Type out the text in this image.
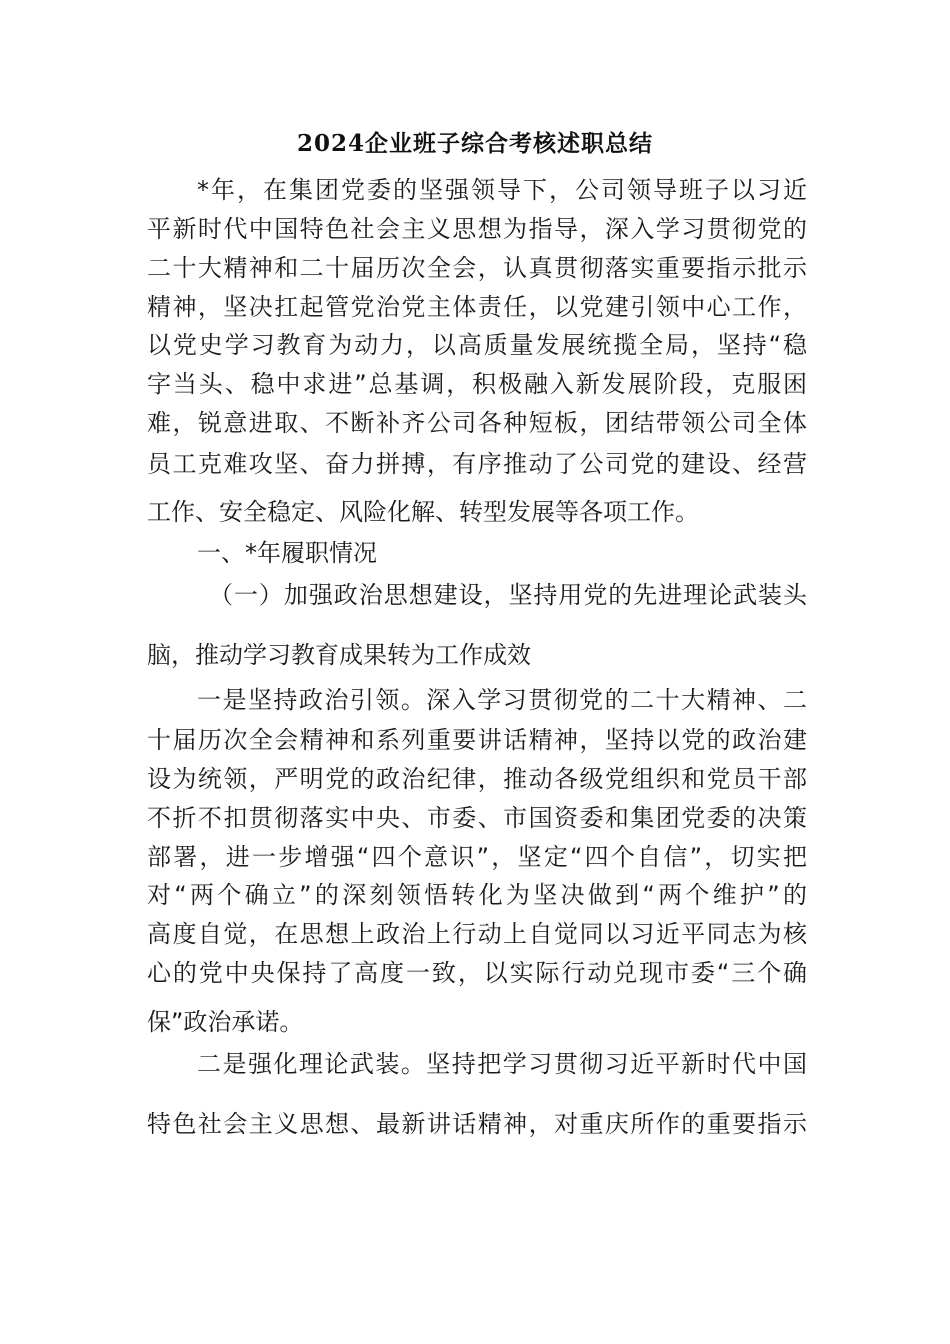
2024企业班子综合考核述职总结
*年，在集团党委的坚强领导下，公司领导班子以习近
平新时代中国特色社会主义思想为指导，深入学习贯彻党的
二十大精神和二十届历次全会，认真贯彻落实重要指示批示
精神，坚决扛起管党治党主体责任，以党建引领中心工作，
以党史学习教育为动力，以高质量发展统揽全局，坚持“稳
字当头、稳中求进”总基调，积极融入新发展阶段，克服困
难，锐意进取、不断补齐公司各种短板，团结带领公司全体
员工克难攻坚、奋力拼搏，有序推动了公司党的建设、经营
工作、安全稳定、风险化解、转型发展等各项工作。
一、*年履职情况
（一）加强政治思想建设，坚持用党的先进理论武装头
脑，推动学习教育成果转为工作成效
一是坚持政治引领。深入学习贯彻党的二十大精神、二
十届历次全会精神和系列重要讲话精神，坚持以党的政治建
设为统领，严明党的政治纪律，推动各级党组织和党员干部
不折不扣贯彻落实中央、市委、市国资委和集团党委的决策
部署，进一步增强“四个意识”，坚定“四个自信”，切实把
对“两个确立”的深刻领悟转化为坚决做到“两个维护”的
高度自觉，在思想上政治上行动上自觉同以习近平同志为核
心的党中央保持了高度一致，以实际行动兑现市委“三个确
保”政治承诺。
二是强化理论武装。坚持把学习贯彻习近平新时代中国
特色社会主义思想、最新讲话精神，对重庆所作的重要指示
